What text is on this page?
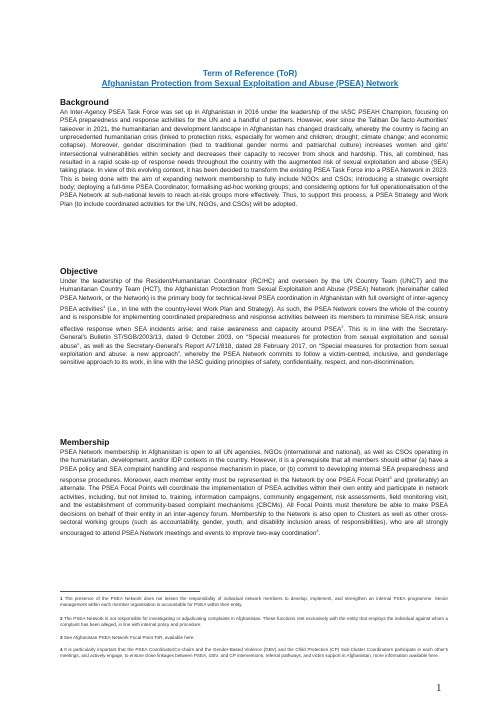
Term of Reference (ToR)
Afghanistan Protection from Sexual Exploitation and Abuse (PSEA) Network
Background
An Inter-Agency PSEA Task Force was set up in Afghanistan in 2016 under the leadership of the IASC PSEAH Champion, focusing on PSEA preparedness and response activities for the UN and a handful of partners. However, ever since the Taliban De facto Authorities' takeover in 2021, the humanitarian and development landscape in Afghanistan has changed drastically, whereby the country is facing an unprecedented humanitarian crisis (linked to protection risks, especially for women and children; drought; climate change; and economic collapse). Moreover, gender discrimination (tied to traditional gender norms and patriarchal culture) increases women and girls' intersectional vulnerabilities within society and decreases their capacity to recover from shock and hardship. This, all combined, has resulted in a rapid scale-up of response needs throughout the country with the augmented risk of sexual exploitation and abuse (SEA) taking place. In view of this evolving context, it has been decided to transform the existing PSEA Task Force into a PSEA Network in 2023. This is being done with the aim of expanding network membership to fully include NGOs and CSOs; introducing a strategic oversight body; deploying a full-time PSEA Coordinator; formalising ad-hoc working groups; and considering options for full operationalisation of the PSEA Network at sub-national levels to reach at-risk groups more effectively. Thus, to support this process, a PSEA Strategy and Work Plan (to include coordinated activities for the UN, NGOs, and CSOs) will be adopted.
Objective
Under the leadership of the Resident/Humanitarian Coordinator (RC/HC) and overseen by the UN Country Team (UNCT) and the Humanitarian Country Team (HCT), the Afghanistan Protection from Sexual Exploitation and Abuse (PSEA) Network (hereinafter called PSEA Network, or the Network) is the primary body for technical-level PSEA coordination in Afghanistan with full oversight of inter-agency PSEA activities$^1$ (i.e., in line with the country-level Work Plan and Strategy). As such, the PSEA Network covers the whole of the country and is responsible for implementing coordinated preparedness and response activities between its members to minimise SEA risk; ensure effective response when SEA incidents arise; and raise awareness and capacity around PSEA$^2$. This is in line with the Secretary-General's Bulletin ST/SGB/2003/13, dated 9 October 2003, on “Special measures for protection from sexual exploitation and sexual abuse”, as well as the Secretary-General's Report A/71/818, dated 28 February 2017, on “Special measures for protection from sexual exploitation and abuse: a new approach”, whereby the PSEA Network commits to follow a victim-centred, inclusive, and gender/age sensitive approach to its work, in line with the IASC guiding principles of safety, confidentiality, respect, and non-discrimination.
Membership
PSEA Network membership in Afghanistan is open to all UN agencies, NGOs (international and national), as well as CSOs operating in the humanitarian, development, and/or IDP contexts in the country. However, it is a prerequisite that all members should either (a) have a PSEA policy and SEA complaint handling and response mechanism in place, or (b) commit to developing internal SEA preparedness and response procedures. Moreover, each member entity must be represented in the Network by one PSEA Focal Point$^3$ and (preferably) an alternate. The PSEA Focal Points will coordinate the implementation of PSEA activities within their own entity and participate in network activities, including, but not limited to, training, information campaigns, community engagement, risk assessments, field monitoring visit, and the establishment of community-based complaint mechanisms (CBCMs). All Focal Points must therefore be able to make PSEA decisions on behalf of their entity in an inter-agency forum. Membership to the Network is also open to Clusters as well as other cross-sectoral working groups (such as accountability, gender, youth, and disability inclusion areas of responsibilities), who are all strongly encouraged to attend PSEA Network meetings and events to improve two-way coordination$^4$.
1 The presence of the PSEA Network does not lessen the responsibility of individual network members to develop, implement, and strengthen an internal PSEA programme. Senior management within each member organisation is accountable for PSEA within their entity.
2 The PSEA Network is not responsible for investigating or adjudicating complaints in Afghanistan. These functions rest exclusively with the entity that employs the individual against whom a complaint has been alleged, in line with internal policy and procedure.
3 See Afghanistan PSEA Network Focal Point ToR, available here.
4 It is particularly important that the PSEA Coordinator/Co-chairs and the Gender-Based Violence (GBV) and the Child Protection (CP) Sub-Cluster Coordinators participate in each other's meetings, and actively engage, to ensure close linkages between PSEA, GBV, and CP interventions, referral pathways, and victim support in Afghanistan, more information available here.
1
